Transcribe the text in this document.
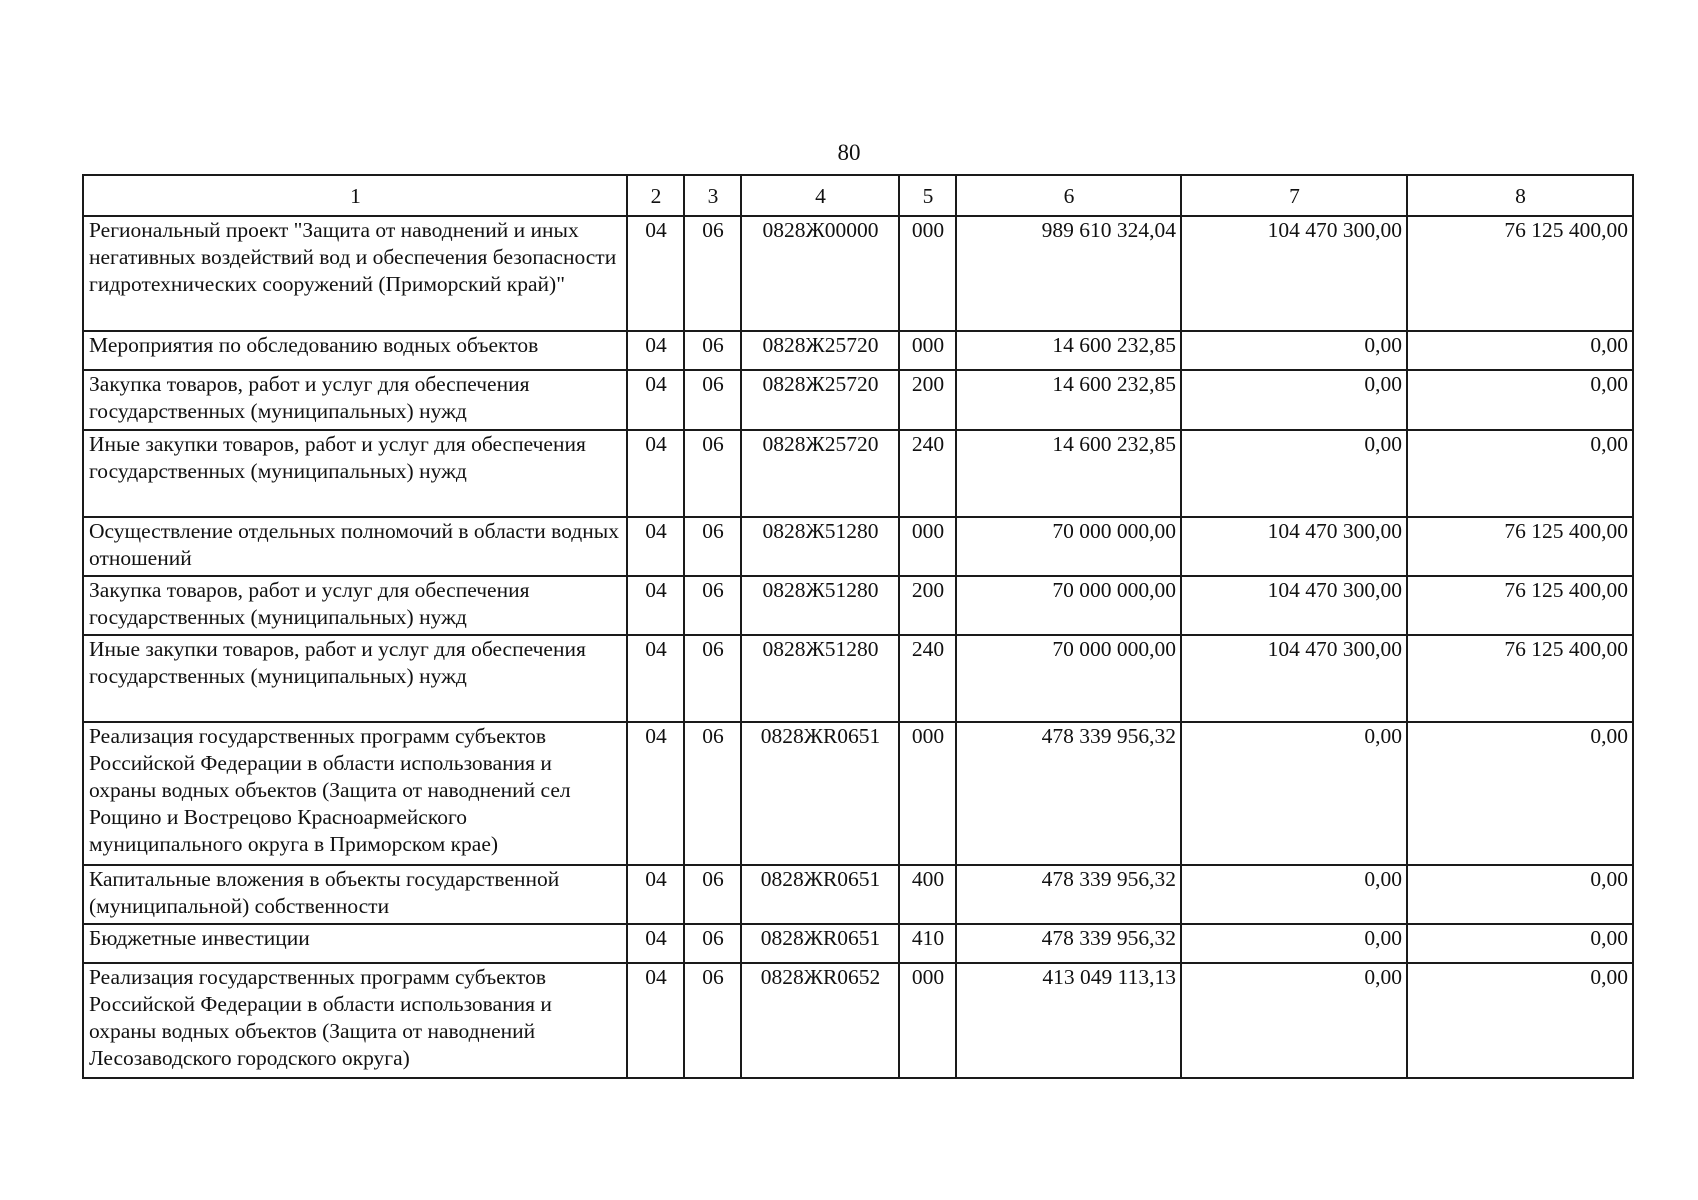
80
1	2	3	4	5	6	7	8
Региональный проект "Защита от наводнений и иных негативных воздействий вод и обеспечения безопасности гидротехнических сооружений (Приморский край)"	04	06	0828Ж00000	000	989 610 324,04	104 470 300,00	76 125 400,00
Мероприятия по обследованию водных объектов	04	06	0828Ж25720	000	14 600 232,85	0,00	0,00
Закупка товаров, работ и услуг для обеспечения государственных (муниципальных) нужд	04	06	0828Ж25720	200	14 600 232,85	0,00	0,00
Иные закупки товаров, работ и услуг для обеспечения государственных (муниципальных) нужд	04	06	0828Ж25720	240	14 600 232,85	0,00	0,00
Осуществление отдельных полномочий в области водных отношений	04	06	0828Ж51280	000	70 000 000,00	104 470 300,00	76 125 400,00
Закупка товаров, работ и услуг для обеспечения государственных (муниципальных) нужд	04	06	0828Ж51280	200	70 000 000,00	104 470 300,00	76 125 400,00
Иные закупки товаров, работ и услуг для обеспечения государственных (муниципальных) нужд	04	06	0828Ж51280	240	70 000 000,00	104 470 300,00	76 125 400,00
Реализация государственных программ субъектов Российской Федерации в области использования и охраны водных объектов (Защита от наводнений сел Рощино и Вострецово Красноармейского муниципального округа в Приморском крае)	04	06	0828ЖR0651	000	478 339 956,32	0,00	0,00
Капитальные вложения в объекты государственной (муниципальной) собственности	04	06	0828ЖR0651	400	478 339 956,32	0,00	0,00
Бюджетные инвестиции	04	06	0828ЖR0651	410	478 339 956,32	0,00	0,00
Реализация государственных программ субъектов Российской Федерации в области использования и охраны водных объектов (Защита от наводнений Лесозаводского городского округа)	04	06	0828ЖR0652	000	413 049 113,13	0,00	0,00
